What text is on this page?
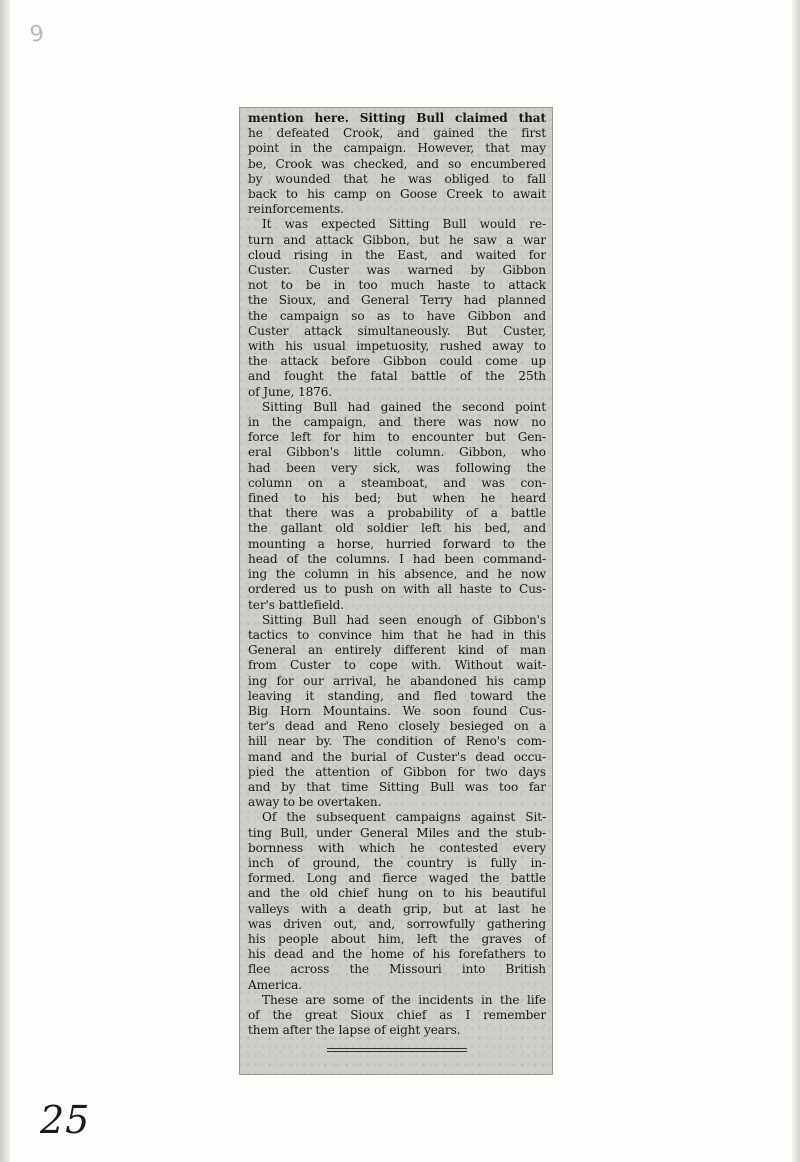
9
mention here. Sitting Bull claimed that
he defeated Crook, and gained the first
point in the campaign. However, that may
be, Crook was checked, and so encumbered
by wounded that he was obliged to fall
back to his camp on Goose Creek to await
reinforcements.
It was expected Sitting Bull would re-
turn and attack Gibbon, but he saw a war
cloud rising in the East, and waited for
Custer. Custer was warned by Gibbon
not to be in too much haste to attack
the Sioux, and General Terry had planned
the campaign so as to have Gibbon and
Custer attack simultaneously. But Custer,
with his usual impetuosity, rushed away to
the attack before Gibbon could come up
and fought the fatal battle of the 25th
of June, 1876.
Sitting Bull had gained the second point
in the campaign, and there was now no
force left for him to encounter but Gen-
eral Gibbon's little column. Gibbon, who
had been very sick, was following the
column on a steamboat, and was con-
fined to his bed; but when he heard
that there was a probability of a battle
the gallant old soldier left his bed, and
mounting a horse, hurried forward to the
head of the columns. I had been command-
ing the column in his absence, and he now
ordered us to push on with all haste to Cus-
ter's battlefield.
Sitting Bull had seen enough of Gibbon's
tactics to convince him that he had in this
General an entirely different kind of man
from Custer to cope with. Without wait-
ing for our arrival, he abandoned his camp
leaving it standing, and fled toward the
Big Horn Mountains. We soon found Cus-
ter's dead and Reno closely besieged on a
hill near by. The condition of Reno's com-
mand and the burial of Custer's dead occu-
pied the attention of Gibbon for two days
and by that time Sitting Bull was too far
away to be overtaken.
Of the subsequent campaigns against Sit-
ting Bull, under General Miles and the stub-
bornness with which he contested every
inch of ground, the country is fully in-
formed. Long and fierce waged the battle
and the old chief hung on to his beautiful
valleys with a death grip, but at last he
was driven out, and, sorrowfully gathering
his people about him, left the graves of
his dead and the home of his forefathers to
flee across the Missouri into British
America.
These are some of the incidents in the life
of the great Sioux chief as I remember
them after the lapse of eight years.
25
